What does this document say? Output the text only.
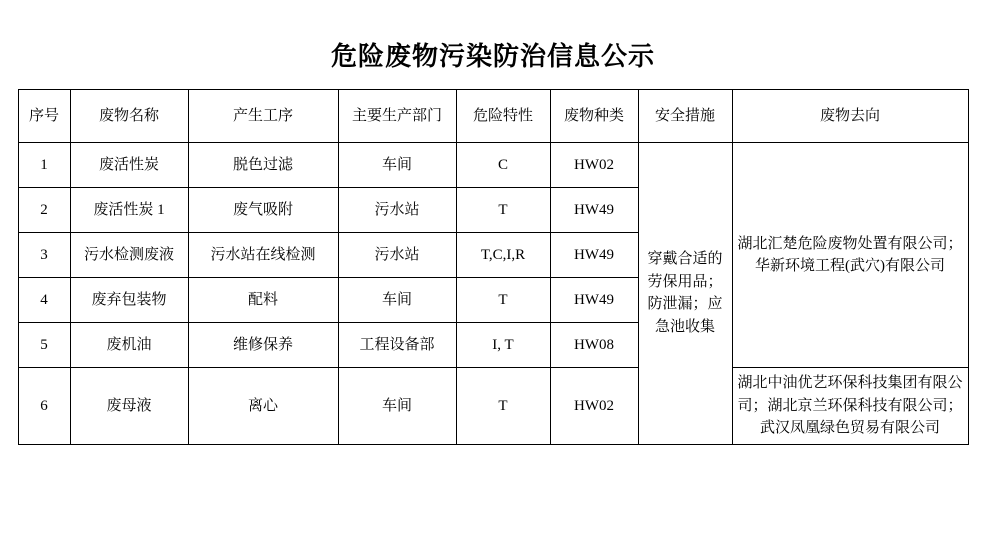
危险废物污染防治信息公示
序号	废物名称	产生工序	主要生产部门	危险特性	废物种类	安全措施	废物去向
1	废活性炭	脱色过滤	车间	C	HW02	穿戴合适的劳保用品；防泄漏；应急池收集	湖北汇楚危险废物处置有限公司；华新环境工程(武穴)有限公司
2	废活性炭 1	废气吸附	污水站	T	HW49		
3	污水检测废液	污水站在线检测	污水站	T,C,I,R	HW49		
4	废弃包装物	配料	车间	T	HW49		
5	废机油	维修保养	工程设备部	I, T	HW08		
6	废母液	离心	车间	T	HW02		湖北中油优艺环保科技集团有限公司；湖北京兰环保科技有限公司；武汉凤凰绿色贸易有限公司
